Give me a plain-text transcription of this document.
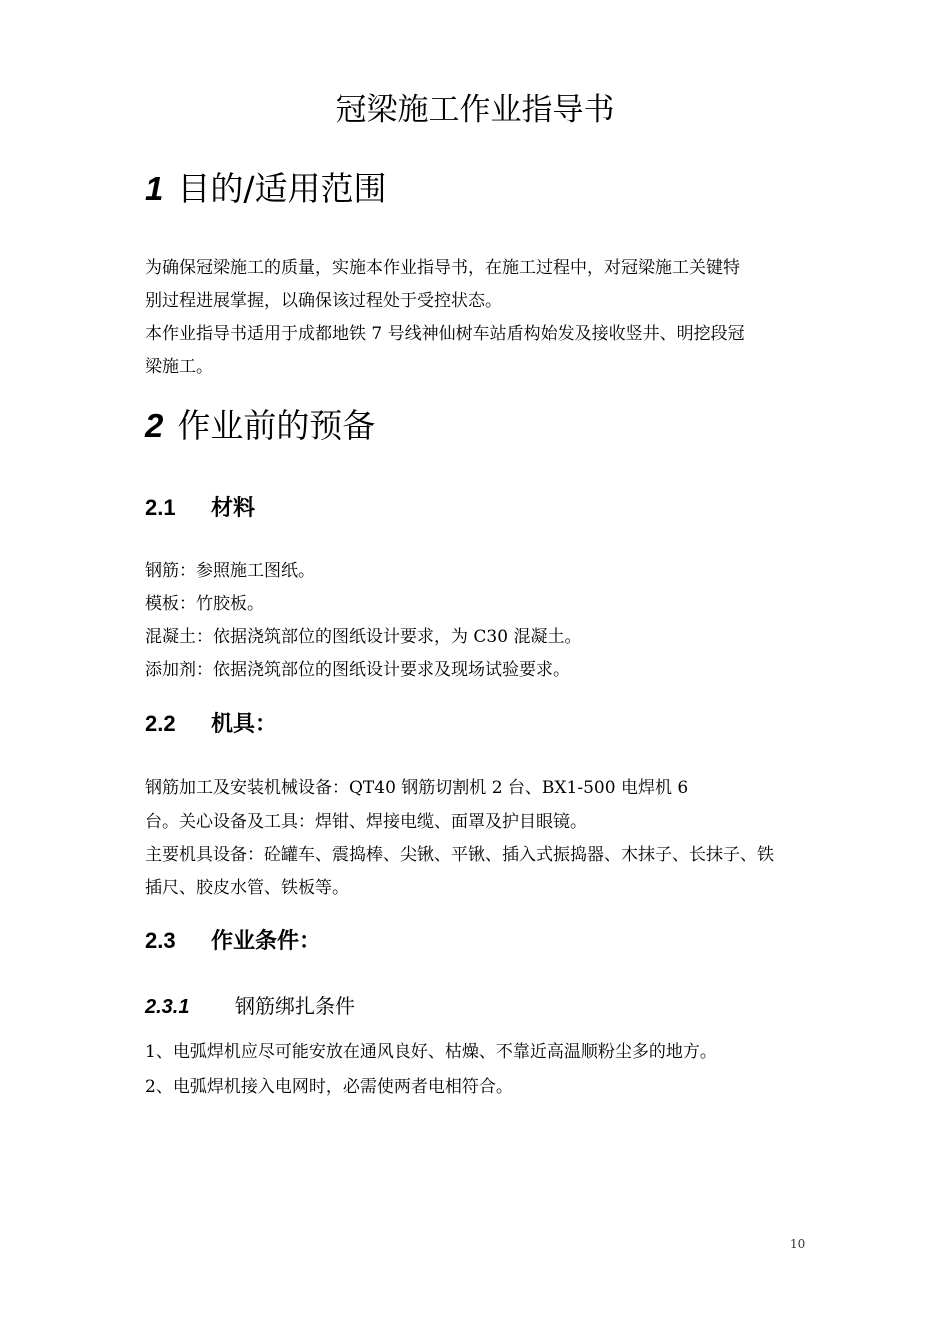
冠梁施工作业指导书
1 目的/适用范围

为确保冠梁施工的质量，实施本作业指导书，在施工过程中，对冠梁施工关键特

别过程进展掌握，以确保该过程处于受控状态。

本作业指导书适用于成都地铁 7 号线神仙树车站盾构始发及接收竖井、明挖段冠

梁施工。

2 作业前的预备
2.1 材料

钢筋：参照施工图纸。

模板：竹胶板。

混凝土：依据浇筑部位的图纸设计要求，为 C30 混凝土。

添加剂：依据浇筑部位的图纸设计要求及现场试验要求。

2.2 机具：

钢筋加工及安装机械设备：QT40 钢筋切割机 2 台、BX1-500 电焊机 6

台。关心设备及工具：焊钳、焊接电缆、面罩及护目眼镜。

主要机具设备：砼罐车、震捣棒、尖锹、平锹、插入式振捣器、木抹子、长抹子、铁

插尺、胶皮水管、铁板等。

2.3 作业条件：
2.3.1 钢筋绑扎条件

1、电弧焊机应尽可能安放在通风良好、枯燥、不靠近高温顺粉尘多的地方。

2、电弧焊机接入电网时，必需使两者电相符合。

10
